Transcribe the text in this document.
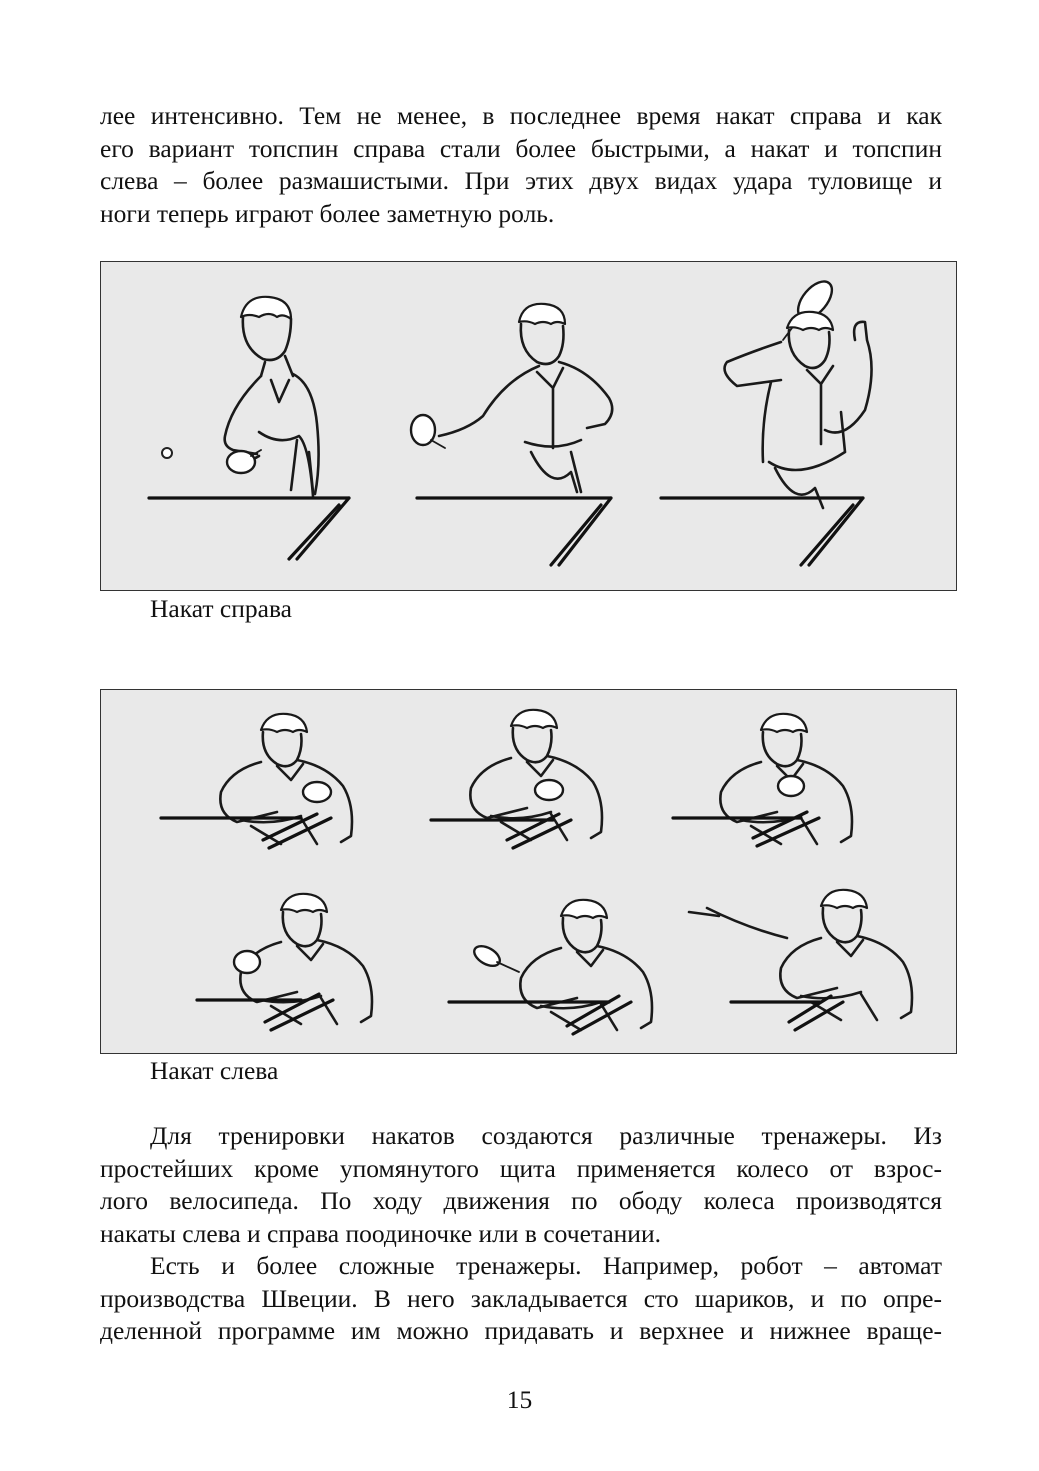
лее интенсивно. Тем не менее, в последнее время накат справа и как
его вариант топспин справа стали более быстрыми, а накат и топспин
слева – более размашистыми. При этих двух видах удара туловище и
ноги теперь играют более заметную роль.

Накат справа

Накат слева

Для тренировки накатов создаются различные тренажеры. Из
простейших кроме упомянутого щита применяется колесо от взрос-
лого велосипеда. По ходу движения по ободу колеса производятся
накаты слева и справа поодиночке или в сочетании.
Есть и более сложные тренажеры. Например, робот – автомат
производства Швеции. В него закладывается сто шариков, и по опре-
деленной программе им можно придавать и верхнее и нижнее враще-

15
